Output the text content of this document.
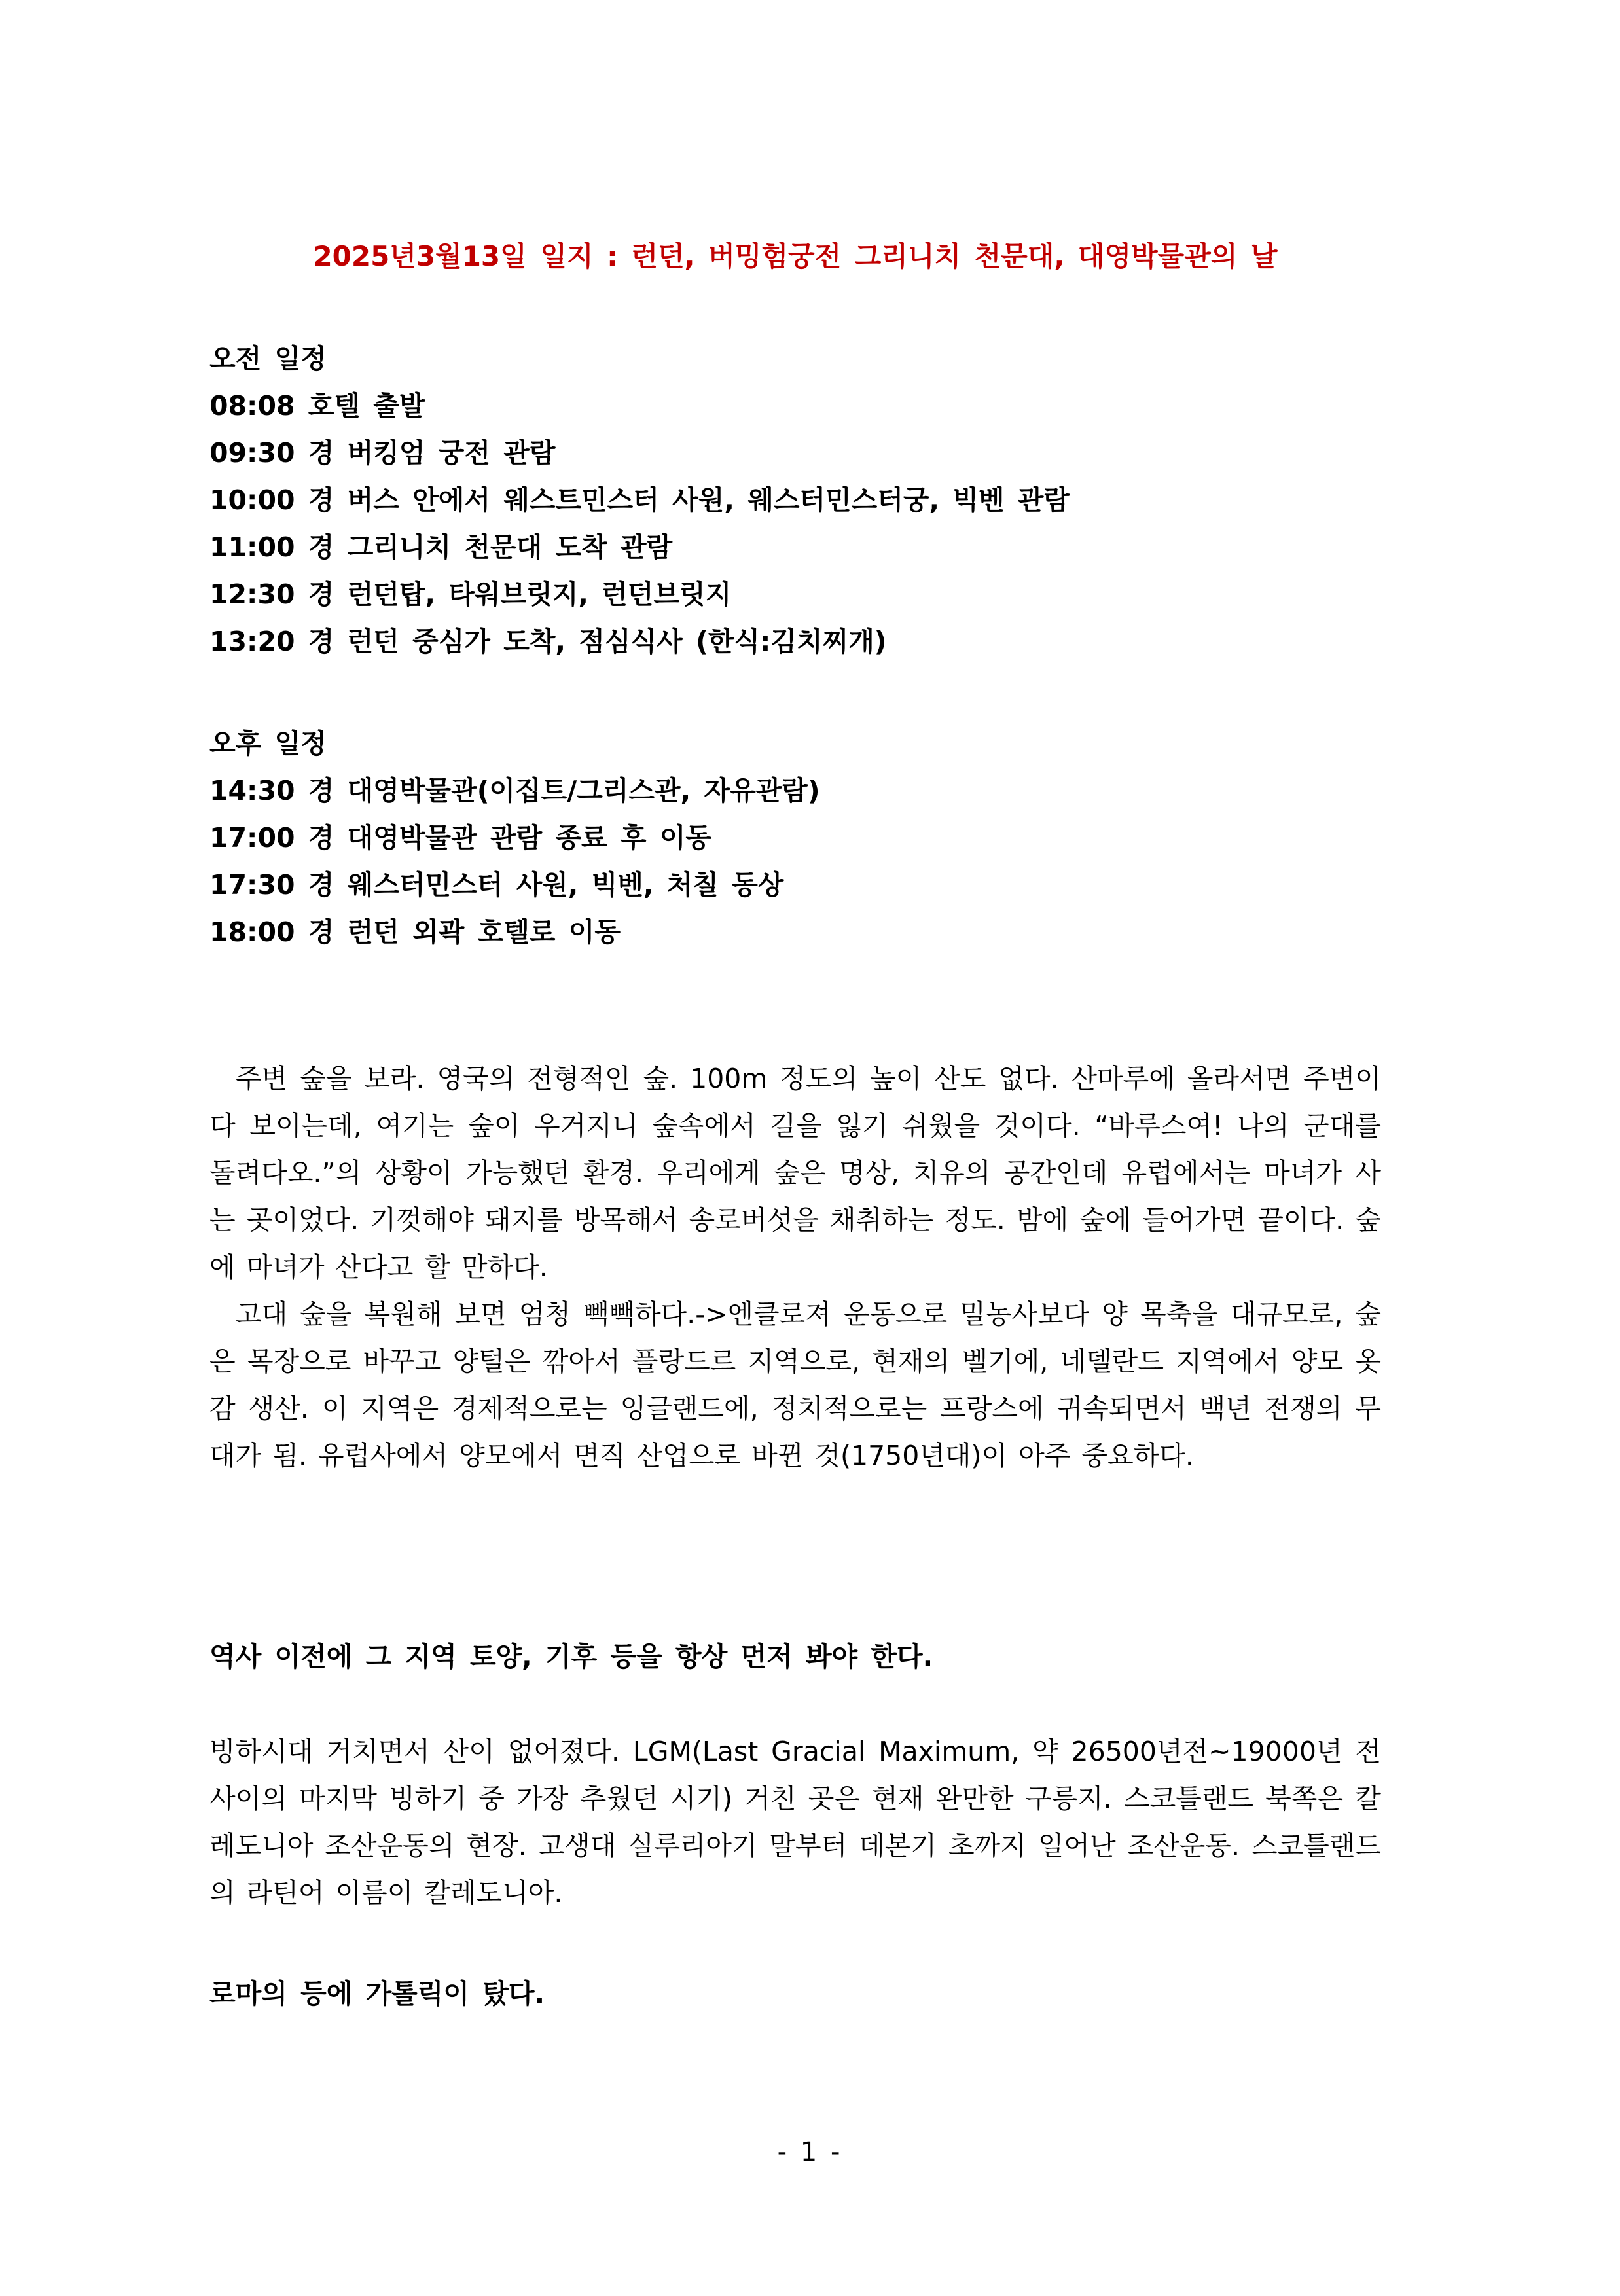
2025년3월13일 일지 : 런던, 버밍험궁전 그리니치 천문대, 대영박물관의 날
오전 일정
08:08 호텔 출발
09:30 경 버킹엄 궁전 관람
10:00 경 버스 안에서 웨스트민스터 사원, 웨스터민스터궁, 빅벤 관람
11:00 경 그리니치 천문대 도착 관람
12:30 경 런던탑, 타워브릿지, 런던브릿지
13:20 경 런던 중심가 도착, 점심식사 (한식:김치찌개)
오후 일정
14:30 경 대영박물관(이집트/그리스관, 자유관람)
17:00 경 대영박물관 관람 종료 후 이동
17:30 경 웨스터민스터 사원, 빅벤, 처칠 동상
18:00 경 런던 외곽 호텔로 이동

주변 숲을 보라. 영국의 전형적인 숲. 100m 정도의 높이 산도 없다. 산마루에 올라서면 주변이 다 보이는데, 여기는 숲이 우거지니 숲속에서 길을 잃기 쉬웠을 것이다. “바루스여! 나의 군대를 돌려다오.”의 상황이 가능했던 환경. 우리에게 숲은 명상, 치유의 공간인데 유럽에서는 마녀가 사는 곳이었다. 기껏해야 돼지를 방목해서 송로버섯을 채취하는 정도. 밤에 숲에 들어가면 끝이다. 숲에 마녀가 산다고 할 만하다.

고대 숲을 복원해 보면 엄청 빽빽하다.->엔클로져 운동으로 밀농사보다 양 목축을 대규모로, 숲은 목장으로 바꾸고 양털은 깎아서 플랑드르 지역으로, 현재의 벨기에, 네델란드 지역에서 양모 옷감 생산. 이 지역은 경제적으로는 잉글랜드에, 정치적으로는 프랑스에 귀속되면서 백년 전쟁의 무대가 됨. 유럽사에서 양모에서 면직 산업으로 바뀐 것(1750년대)이 아주 중요하다.

역사 이전에 그 지역 토양, 기후 등을 항상 먼저 봐야 한다.

빙하시대 거치면서 산이 없어졌다. LGM(Last Gracial Maximum, 약 26500년전~19000년 전 사이의 마지막 빙하기 중 가장 추웠던 시기) 거친 곳은 현재 완만한 구릉지. 스코틀랜드 북쪽은 칼레도니아 조산운동의 현장. 고생대 실루리아기 말부터 데본기 초까지 일어난 조산운동. 스코틀랜드의 라틴어 이름이 칼레도니아.

로마의 등에 가톨릭이 탔다.
- 1 -
